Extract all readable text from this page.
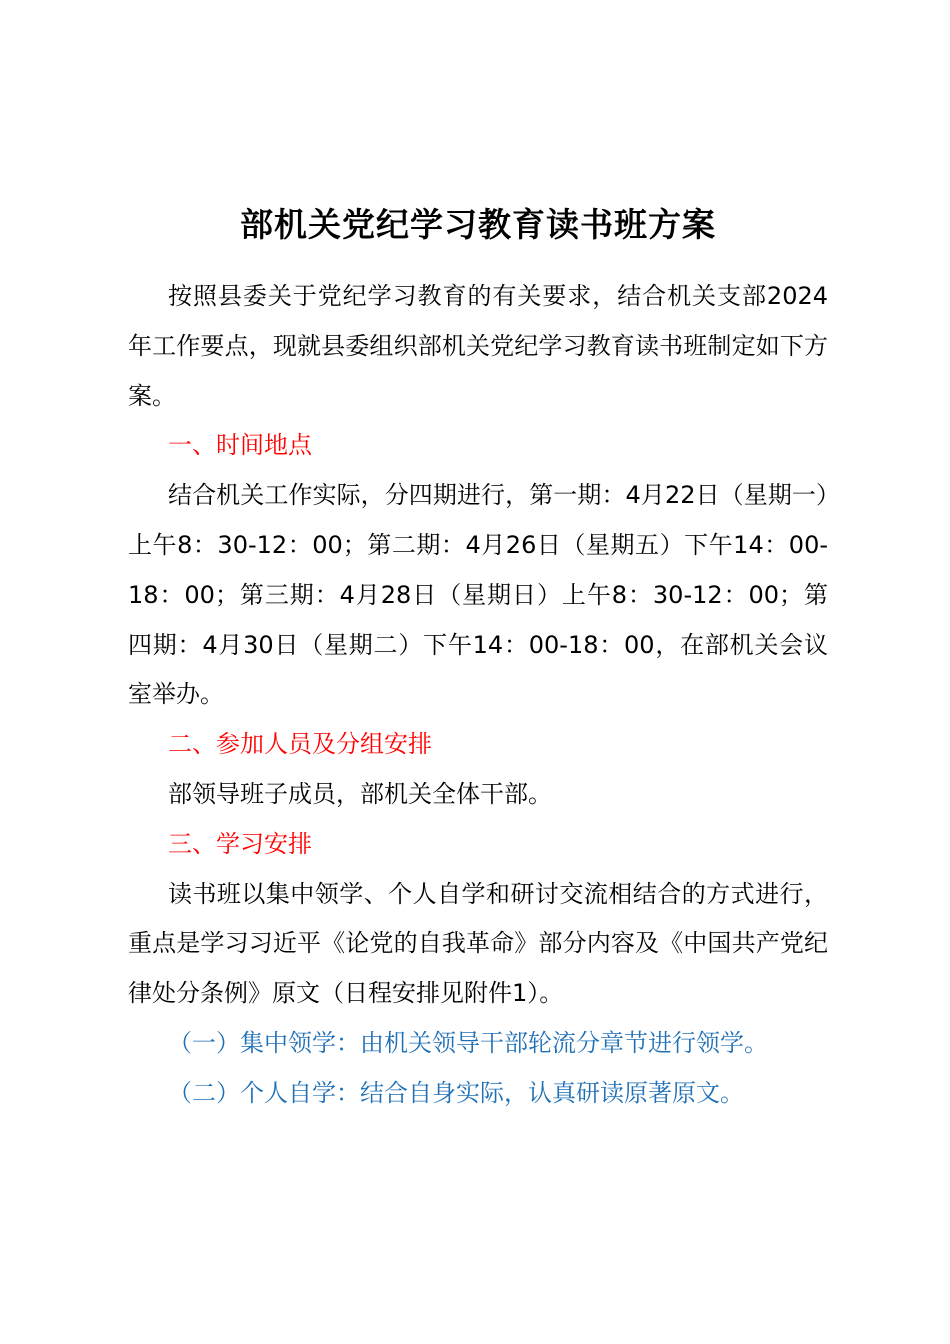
部机关党纪学习教育读书班方案

按照县委关于党纪学习教育的有关要求，结合机关支部2024年工作要点，现就县委组织部机关党纪学习教育读书班制定如下方案。

一、时间地点

结合机关工作实际，分四期进行，第一期：4月22日（星期一）上午8：30-12：00；第二期：4月26日（星期五）下午14：00-18：00；第三期：4月28日（星期日）上午8：30-12：00；第四期：4月30日（星期二）下午14：00-18：00，在部机关会议室举办。

二、参加人员及分组安排

部领导班子成员，部机关全体干部。

三、学习安排

读书班以集中领学、个人自学和研讨交流相结合的方式进行，重点是学习习近平《论党的自我革命》部分内容及《中国共产党纪律处分条例》原文（日程安排见附件1）。

（一）集中领学：由机关领导干部轮流分章节进行领学。

（二）个人自学：结合自身实际，认真研读原著原文。
